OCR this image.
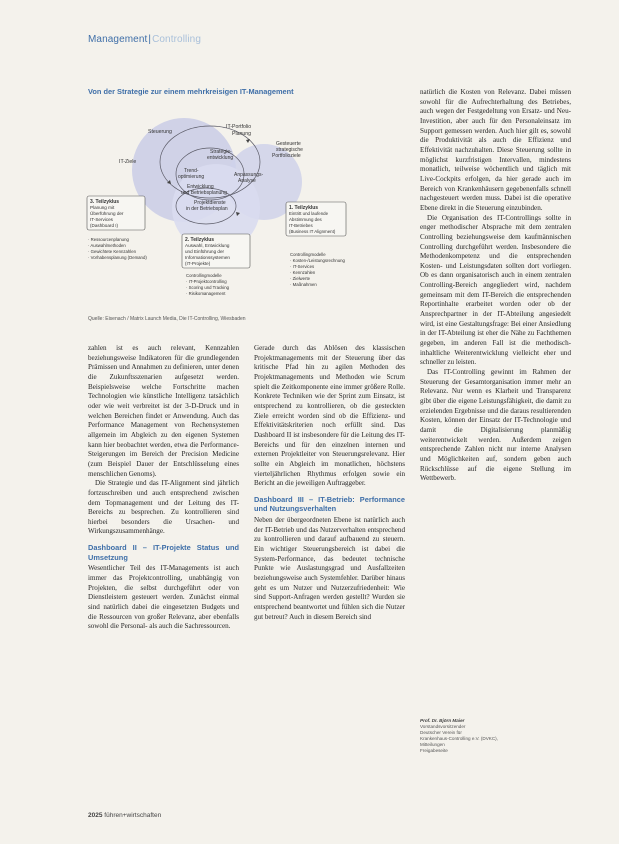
Management|Controlling
Von der Strategie zur einem mehrkreisigen IT-Management
Steuerung
IT-Portfolio
Planung
IT-Ziele
Strategie-
entwicklung
Gesteuerte
strategische
Portfolioziele
Trend-
optimierung	Anpassungs-
Analyse
Entwicklung
und Betriebsplanung
Projektdienste
in der Betriebsplan
3. Teilzyklus
Planung mit
Überführung der
IT-Services
(Dashboard I)
· Ressourcenplanung
· Auswahlmethoden
· Gewichtete Kennzahlen
· Vorhabensplanung (Demand)
2. Teilzyklus
Auswahl, Entwicklung
und Einführung der
Informationssystemen
(IT-Projekte)
Controllingmodelle
· IT-Projektcontrolling
· Scoring und Tracking
· Risikomanagement
1. Teilzyklus
Eintritt und laufende
Abstimmung des
IT-Betriebes
(Business IT Alignment)
Controllingmodelle
· Kosten-/Leistungsrechnung
· IT-Services
· Kennzahlen
· Zielwerte
· Maßnahmen
Quelle: Eisenach / Matrix Launch Media, Die IT-Controlling, Wiesbaden

zahlen ist es auch relevant, Kennzahlen beziehungsweise Indikatoren für die grundlegenden Prämissen und Annahmen zu definieren, unter denen die Zukunftsszenarien aufgesetzt werden. Beispielsweise welche Fortschritte machen Technologien wie künstliche Intelligenz tatsächlich oder wie weit verbreitet ist der 3-D-Druck und in welchen Bereichen findet er Anwendung. Auch das Performance Management von Rechensystemen allgemein im Abgleich zu den eigenen Systemen kann hier beobachtet werden, etwa die Performance-Steigerungen im Bereich der Precision Medicine (zum Beispiel Dauer der Entschlüsselung eines menschlichen Genoms).

Die Strategie und das IT-Alignment sind jährlich fortzuschreiben und auch entsprechend zwischen dem Topmanagement und der Leitung des IT-Bereichs zu besprechen. Zu kontrollieren sind hierbei besonders die Ursachen- und Wirkungszusammenhänge.

Dashboard II – IT-Projekte Status und Umsetzung

Wesentlicher Teil des IT-Managements ist auch immer das Projektcontrolling, unabhängig von Projekten, die selbst durchgeführt oder von Dienstleistern gesteuert werden. Zunächst einmal sind natürlich dabei die eingesetzten Budgets und die Ressourcen von großer Relevanz, aber ebenfalls sowohl die Personal- als auch die Sachressourcen.

Gerade durch das Ablösen des klassischen Projektmanagements mit der Steuerung über das kritische Pfad hin zu agilen Methoden des Projektmanagements und Methoden wie Scrum spielt die Zeitkomponente eine immer größere Rolle. Konkrete Techniken wie der Sprint zum Einsatz, ist entsprechend zu kontrollieren, ob die gesteckten Ziele erreicht worden sind ob die Effizienz- und Effektivitätskriterien noch erfüllt sind. Das Dashboard II ist insbesondere für die Leitung des IT-Bereichs und für den einzelnen internen und externen Projektleiter von Steuerungsrelevanz. Hier sollte ein Abgleich im monatlichen, höchstens vierteljährlichen Rhythmus erfolgen sowie ein Bericht an die jeweiligen Auftraggeber.

Dashboard III – IT-Betrieb: Performance und Nutzungsverhalten

Neben der übergeordneten Ebene ist natürlich auch der IT-Betrieb und das Nutzerverhalten entsprechend zu kontrollieren und darauf aufbauend zu steuern. Ein wichtiger Steuerungsbereich ist dabei die System-Performance, das bedeutet technische Punkte wie Auslastungsgrad und Ausfallzeiten beziehungsweise auch Systemfehler. Darüber hinaus geht es um Nutzer und Nutzerzufriedenheit: Wie sind Support-Anfragen werden gestellt? Wurden sie entsprechend beantwortet und fühlen sich die Nutzer gut betreut? Auch in diesem Bereich sind

natürlich die Kosten von Relevanz. Dabei müssen sowohl für die Aufrechterhaltung des Betriebes, auch wegen der Festgedeltung von Ersatz- und Neu-Investition, aber auch für den Personaleinsatz im Support gemessen werden. Auch hier gilt es, sowohl die Produktivität als auch die Effizienz und Effektivität nachzuhalten. Diese Steuerung sollte in möglichst kurzfristigen Intervallen, mindestens monatlich, teilweise wöchentlich und täglich mit Live-Cockpits erfolgen, da hier gerade auch im Bereich von Krankenhäusern gegebenenfalls schnell nachgesteuert werden muss. Dabei ist die operative Ebene direkt in die Steuerung einzubinden.

Die Organisation des IT-Controllings sollte in enger methodischer Absprache mit dem zentralen Controlling beziehungsweise dem kaufmännischen Controlling durchgeführt werden. Insbesondere die Methodenkompetenz und die entsprechenden Kosten- und Leistungsdaten sollten dort vorliegen. Ob es dann organisatorisch auch in einem zentralen Controlling-Bereich angegliedert wird, nachdem gemeinsam mit dem IT-Bereich die entsprechenden Reportinhalte erarbeitet worden oder ob der Ansprechpartner in der IT-Abteilung angesiedelt wird, ist eine Gestaltungsfrage: Bei einer Ansiedlung in der IT-Abteilung ist eher die Nähe zu Fachthemen gegeben, im anderen Fall ist die methodisch-inhaltliche Weiterentwicklung vielleicht eher und schneller zu leisten.

Das IT-Controlling gewinnt im Rahmen der Steuerung der Gesamtorganisation immer mehr an Relevanz. Nur wenn es Klarheit und Transparenz gibt über die eigene Leistungsfähigkeit, die damit zu erzielenden Ergebnisse und die daraus resultierenden Kosten, können der Einsatz der IT-Technologie und damit die Digitalisierung planmäßig weiterentwickelt werden. Außerdem zeigen entsprechende Zahlen nicht nur interne Analysen und Möglichkeiten auf, sondern geben auch Rückschlüsse auf die eigene Stellung im Wettbewerb.

Prof. Dr. Björn Maier
Vorstandsvorsitzender
Deutscher Verein für
Krankenhaus-Controlling e.V. (DVKC),
Mitteilungen
Freigabeseite
2025 führen+wirtschaften
